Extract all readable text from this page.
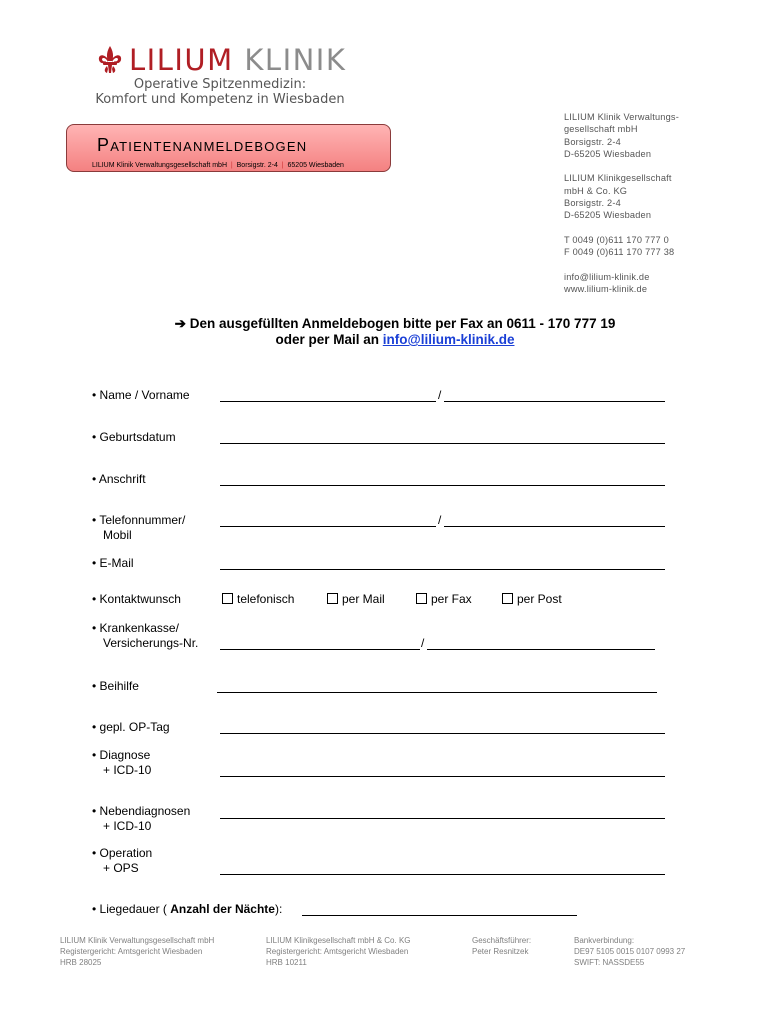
LILIUM KLINIK
Operative Spitzenmedizin:
Komfort und Kompetenz in Wiesbaden
Patientenanmeldebogen
LILIUM Klinik Verwaltungsgesellschaft mbH  |  Borsigstr. 2-4  |  65205 Wiesbaden
LILIUM Klinik Verwaltungs-
gesellschaft mbH
Borsigstr. 2-4
D-65205 Wiesbaden
LILIUM Klinikgesellschaft
mbH & Co. KG
Borsigstr. 2-4
D-65205 Wiesbaden
T 0049 (0)611 170 777 0
F 0049 (0)611 170 777 38
info@lilium-klinik.de
www.lilium-klinik.de
➔ Den ausgefüllten Anmeldebogen bitte per Fax an 0611 - 170 777 19
oder per Mail an info@lilium-klinik.de
• Name / Vorname	/
• Geburtsdatum
• Anschrift
• Telefonnummer/
Mobil
/
• E-Mail
• Kontaktwunsch	telefonisch	per Mail	per Fax	per Post
• Krankenkasse/
Versicherungs-Nr.	/
• Beihilfe
• gepl. OP-Tag
• Diagnose
+ ICD-10
• Nebendiagnosen
+ ICD-10
• Operation
+ OPS
• Liegedauer ( Anzahl der Nächte):
LILIUM Klinik Verwaltungsgesellschaft mbH
Registergericht: Amtsgericht Wiesbaden
HRB 28025
LILIUM Klinikgesellschaft mbH & Co. KG
Registergericht: Amtsgericht Wiesbaden
HRB 10211
Geschäftsführer:
Peter Resnitzek
Bankverbindung:
DE97 5105 0015 0107 0993 27
SWIFT: NASSDE55
